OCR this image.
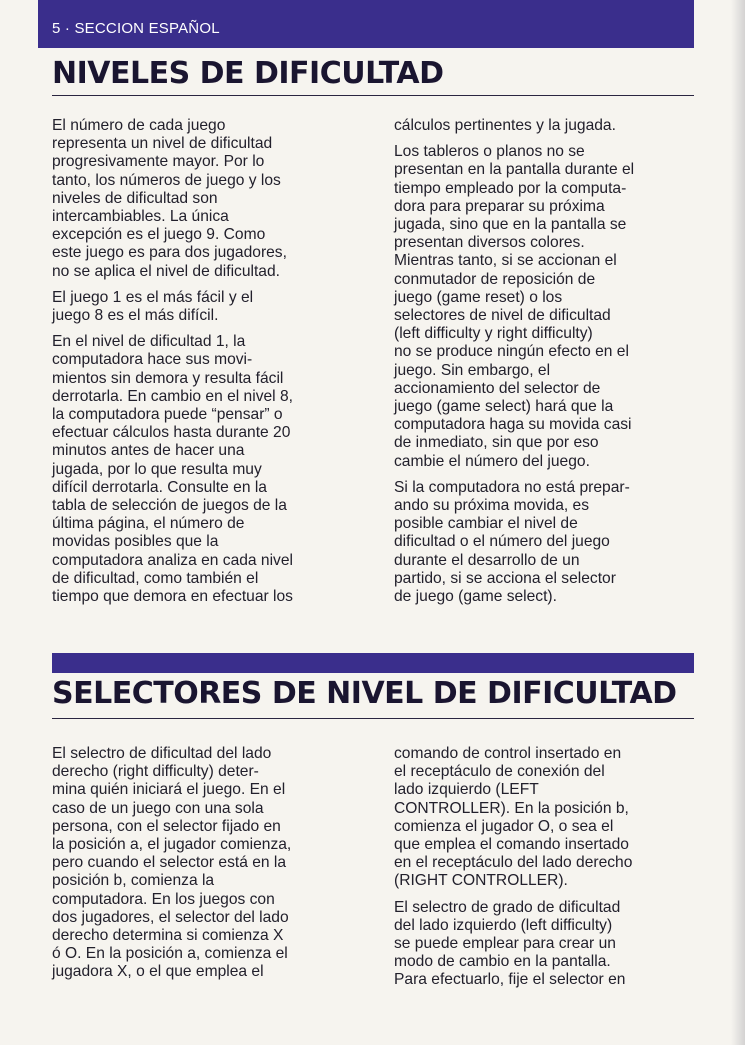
5 · SECCION ESPAÑOL
NIVELES DE DIFICULTAD

El número de cada juego
representa un nivel de dificultad
progresivamente mayor. Por lo
tanto, los números de juego y los
niveles de dificultad son
intercambiables. La única
excepción es el juego 9. Como
este juego es para dos jugadores,
no se aplica el nivel de dificultad.

El juego 1 es el más fácil y el
juego 8 es el más difícil.

En el nivel de dificultad 1, la
computadora hace sus movi-
mientos sin demora y resulta fácil
derrotarla. En cambio en el nivel 8,
la computadora puede “pensar” o
efectuar cálculos hasta durante 20
minutos antes de hacer una
jugada, por lo que resulta muy
difícil derrotarla. Consulte en la
tabla de selección de juegos de la
última página, el número de
movidas posibles que la
computadora analiza en cada nivel
de dificultad, como también el
tiempo que demora en efectuar los

cálculos pertinentes y la jugada.

Los tableros o planos no se
presentan en la pantalla durante el
tiempo empleado por la computa-
dora para preparar su próxima
jugada, sino que en la pantalla se
presentan diversos colores.
Mientras tanto, si se accionan el
conmutador de reposición de
juego (game reset) o los
selectores de nivel de dificultad
(left difficulty y right difficulty)
no se produce ningún efecto en el
juego. Sin embargo, el
accionamiento del selector de
juego (game select) hará que la
computadora haga su movida casi
de inmediato, sin que por eso
cambie el número del juego.

Si la computadora no está prepar-
ando su próxima movida, es
posible cambiar el nivel de
dificultad o el número del juego
durante el desarrollo de un
partido, si se acciona el selector
de juego (game select).

SELECTORES DE NIVEL DE DIFICULTAD

El selectro de dificultad del lado
derecho (right difficulty) deter-
mina quién iniciará el juego. En el
caso de un juego con una sola
persona, con el selector fijado en
la posición a, el jugador comienza,
pero cuando el selector está en la
posición b, comienza la
computadora. En los juegos con
dos jugadores, el selector del lado
derecho determina si comienza X
ó O. En la posición a, comienza el
jugadora X, o el que emplea el

comando de control insertado en
el receptáculo de conexión del
lado izquierdo (LEFT
CONTROLLER). En la posición b,
comienza el jugador O, o sea el
que emplea el comando insertado
en el receptáculo del lado derecho
(RIGHT CONTROLLER).

El selectro de grado de dificultad
del lado izquierdo (left difficulty)
se puede emplear para crear un
modo de cambio en la pantalla.
Para efectuarlo, fije el selector en
